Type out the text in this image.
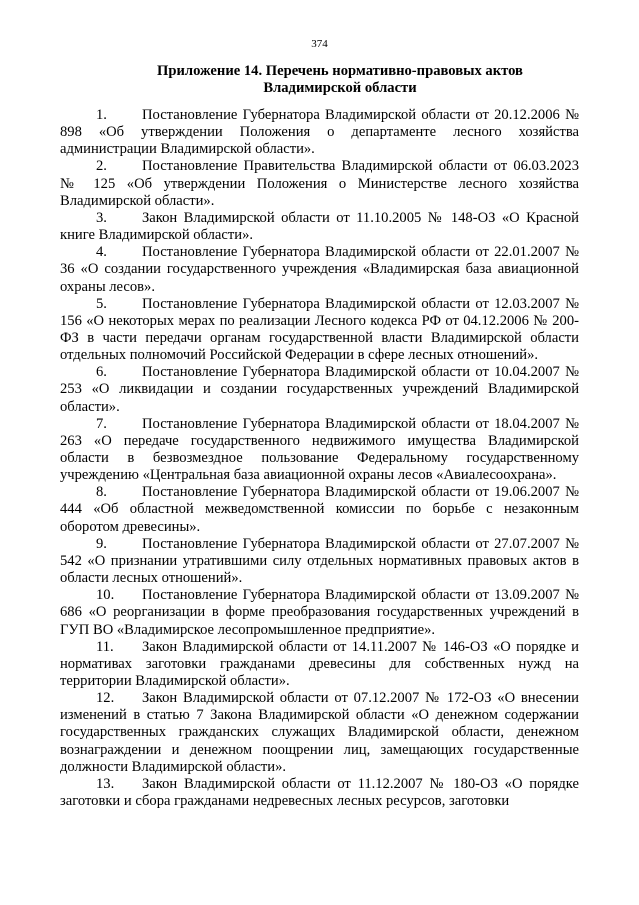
374
Приложение 14. Перечень нормативно-правовых актов
Владимирской области

1. Постановление Губернатора Владимирской области от 20.12.2006 № 898 «Об утверждении Положения о департаменте лесного хозяйства администрации Владимирской области».

2. Постановление Правительства Владимирской области от 06.03.2023 № 125 «Об утверждении Положения о Министерстве лесного хозяйства Владимирской области».

3. Закон Владимирской области от 11.10.2005 № 148-ОЗ «О Красной книге Владимирской области».

4. Постановление Губернатора Владимирской области от 22.01.2007 № 36 «О создании государственного учреждения «Владимирская база авиационной охраны лесов».

5. Постановление Губернатора Владимирской области от 12.03.2007 № 156 «О некоторых мерах по реализации Лесного кодекса РФ от 04.12.2006 № 200-ФЗ в части передачи органам государственной власти Владимирской области отдельных полномочий Российской Федерации в сфере лесных отношений».

6. Постановление Губернатора Владимирской области от 10.04.2007 № 253 «О ликвидации и создании государственных учреждений Владимирской области».

7. Постановление Губернатора Владимирской области от 18.04.2007 № 263 «О передаче государственного недвижимого имущества Владимирской области в безвозмездное пользование Федеральному государственному учреждению «Центральная база авиационной охраны лесов «Авиалесоохрана».

8. Постановление Губернатора Владимирской области от 19.06.2007 № 444 «Об областной межведомственной комиссии по борьбе с незаконным оборотом древесины».

9. Постановление Губернатора Владимирской области от 27.07.2007 № 542 «О признании утратившими силу отдельных нормативных правовых актов в области лесных отношений».

10. Постановление Губернатора Владимирской области от 13.09.2007 № 686 «О реорганизации в форме преобразования государственных учреждений в ГУП ВО «Владимирское лесопромышленное предприятие».

11. Закон Владимирской области от 14.11.2007 № 146-ОЗ «О порядке и нормативах заготовки гражданами древесины для собственных нужд на территории Владимирской области».

12. Закон Владимирской области от 07.12.2007 № 172-ОЗ «О внесении изменений в статью 7 Закона Владимирской области «О денежном содержании государственных гражданских служащих Владимирской области, денежном вознаграждении и денежном поощрении лиц, замещающих государственные должности Владимирской области».

13. Закон Владимирской области от 11.12.2007 № 180-ОЗ «О порядке заготовки и сбора гражданами недревесных лесных ресурсов, заготовки
